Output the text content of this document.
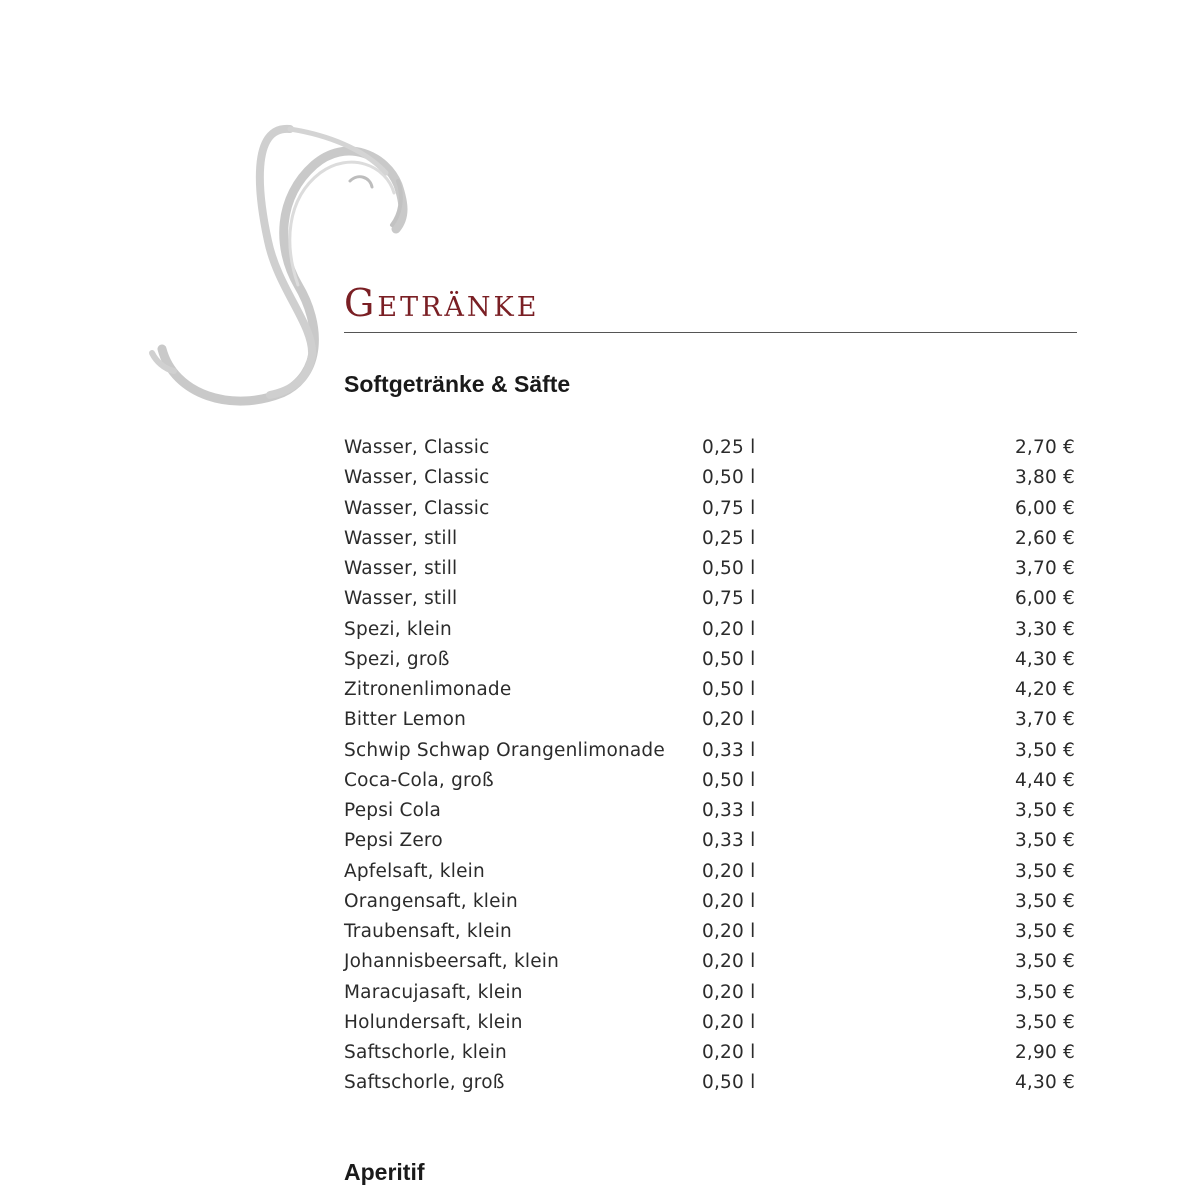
Getränke
Softgetränke & Säfte
Wasser, Classic	0,25 l	2,70 €
Wasser, Classic	0,50 l	3,80 €
Wasser, Classic	0,75 l	6,00 €
Wasser, still	0,25 l	2,60 €
Wasser, still	0,50 l	3,70 €
Wasser, still	0,75 l	6,00 €
Spezi, klein	0,20 l	3,30 €
Spezi, groß	0,50 l	4,30 €
Zitronenlimonade	0,50 l	4,20 €
Bitter Lemon	0,20 l	3,70 €
Schwip Schwap Orangenlimonade 0,33 l	3,50 €
Coca-Cola, groß	0,50 l	4,40 €
Pepsi Cola	0,33 l	3,50 €
Pepsi Zero	0,33 l	3,50 €
Apfelsaft, klein	0,20 l	3,50 €
Orangensaft, klein	0,20 l	3,50 €
Traubensaft, klein	0,20 l	3,50 €
Johannisbeersaft, klein	0,20 l	3,50 €
Maracujasaft, klein	0,20 l	3,50 €
Holundersaft, klein	0,20 l	3,50 €
Saftschorle, klein	0,20 l	2,90 €
Saftschorle, groß	0,50 l	4,30 €
Aperitif
